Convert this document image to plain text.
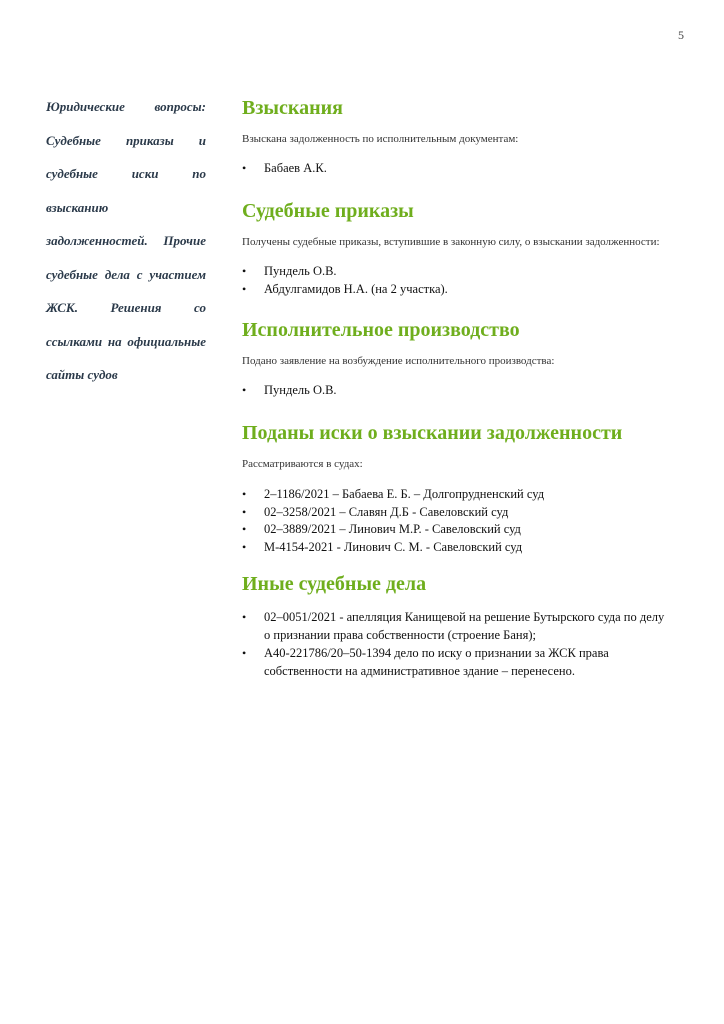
5
Юридические вопросы: Судебные приказы и судебные иски по взысканию задолженностей. Прочие судебные дела с участием ЖСК. Решения со ссылками на официальные сайты судов
Взыскания

Взыскана задолженность по исполнительным документам:

• Бабаев А.К.
Судебные приказы

Получены судебные приказы, вступившие в законную силу, о взыскании задолженности:

• Пундель О.В.
• Абдулгамидов Н.А. (на 2 участка).
Исполнительное производство

Подано заявление на возбуждение исполнительного производства:

• Пундель О.В.
Поданы иски о взыскании задолженности

Рассматриваются в судах:

• 2–1186/2021 – Бабаева Е. Б. – Долгопрудненский суд
• 02–3258/2021 – Славян Д.Б - Савеловский суд
• 02–3889/2021 – Линович М.Р. - Савеловский суд
• М-4154-2021 - Линович С. М. - Савеловский суд
Иные судебные дела
• 02–0051/2021 - апелляция Канищевой на решение Бутырского суда по делу о признании права собственности (строение Баня);
• А40-221786/20–50-1394 дело по иску о признании за ЖСК права собственности на административное здание – перенесено.
